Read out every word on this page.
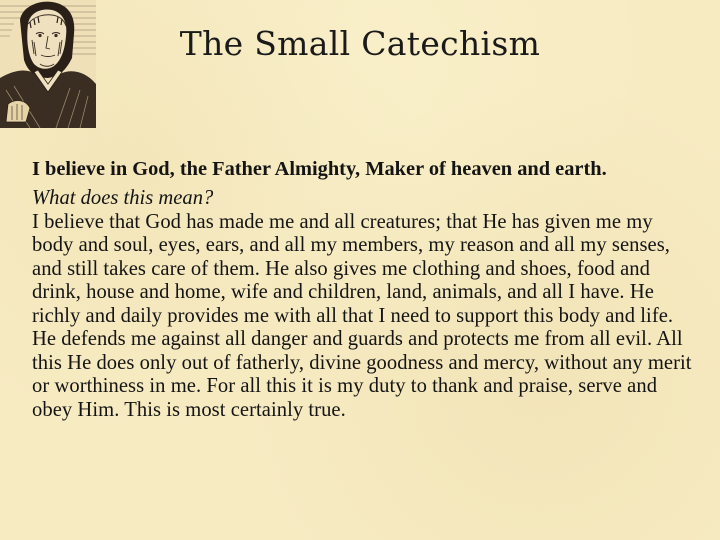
The Small Catechism

I believe in God, the Father Almighty, Maker of heaven and earth.

What does this mean?

I believe that God has made me and all creatures; that He has given me my body and soul, eyes, ears, and all my members, my reason and all my senses, and still takes care of them. He also gives me clothing and shoes, food and drink, house and home, wife and children, land, animals, and all I have. He richly and daily provides me with all that I need to support this body and life. He defends me against all danger and guards and protects me from all evil. All this He does only out of fatherly, divine goodness and mercy, without any merit or worthiness in me. For all this it is my duty to thank and praise, serve and obey Him. This is most certainly true.
